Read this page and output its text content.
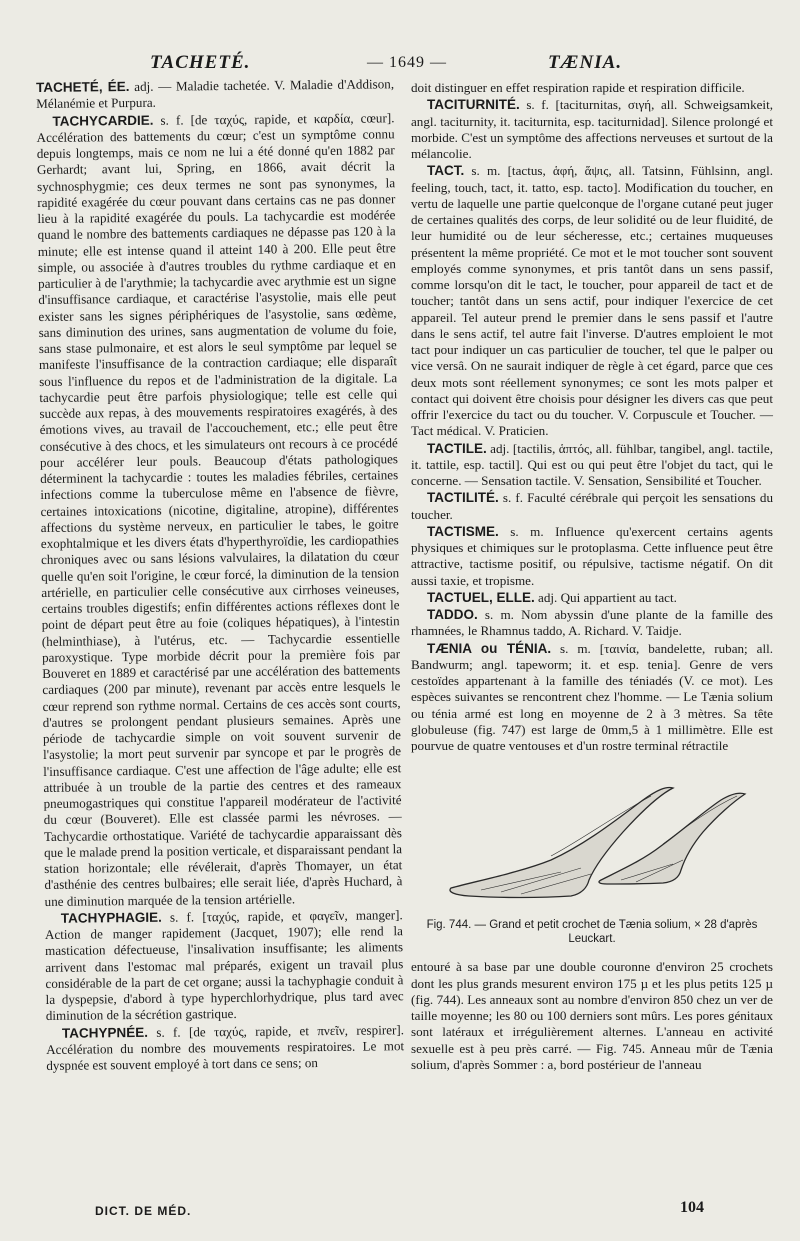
TACHETÉ.	— 1649 —	TÆNIA.

TACHETÉ, ÉE. adj. — Maladie tachetée. V. Maladie d'Addison, Mélanémie et Purpura.

TACHYCARDIE. s. f. [de ταχύς, rapide, et καρδία, cœur]. Accélération des battements du cœur; c'est un symptôme connu depuis longtemps, mais ce nom ne lui a été donné qu'en 1882 par Gerhardt; avant lui, Spring, en 1866, avait décrit la sychnosphygmie; ces deux termes ne sont pas synonymes, la rapidité exagérée du cœur pouvant dans certains cas ne pas donner lieu à la rapidité exagérée du pouls. La tachycardie est modérée quand le nombre des battements cardiaques ne dépasse pas 120 à la minute; elle est intense quand il atteint 140 à 200. Elle peut être simple, ou associée à d'autres troubles du rythme cardiaque et en particulier à de l'arythmie; la tachycardie avec arythmie est un signe d'insuffisance cardiaque, et caractérise l'asystolie, mais elle peut exister sans les signes périphériques de l'asystolie, sans œdème, sans diminution des urines, sans augmentation de volume du foie, sans stase pulmonaire, et est alors le seul symptôme par lequel se manifeste l'insuffisance de la contraction cardiaque; elle disparaît sous l'influence du repos et de l'administration de la digitale. La tachycardie peut être parfois physiologique; telle est celle qui succède aux repas, à des mouvements respiratoires exagérés, à des émotions vives, au travail de l'accouchement, etc.; elle peut être consécutive à des chocs, et les simulateurs ont recours à ce procédé pour accélérer leur pouls. Beaucoup d'états pathologiques déterminent la tachycardie : toutes les maladies fébriles, certaines infections comme la tuberculose même en l'absence de fièvre, certaines intoxications (nicotine, digitaline, atropine), différentes affections du système nerveux, en particulier le tabes, le goitre exophtalmique et les divers états d'hyperthyroïdie, les cardiopathies chroniques avec ou sans lésions valvulaires, la dilatation du cœur quelle qu'en soit l'origine, le cœur forcé, la diminution de la tension artérielle, en particulier celle consécutive aux cirrhoses veineuses, certains troubles digestifs; enfin différentes actions réflexes dont le point de départ peut être au foie (coliques hépatiques), à l'intestin (helminthiase), à l'utérus, etc. — Tachycardie essentielle paroxystique. Type morbide décrit pour la première fois par Bouveret en 1889 et caractérisé par une accélération des battements cardiaques (200 par minute), revenant par accès entre lesquels le cœur reprend son rythme normal. Certains de ces accès sont courts, d'autres se prolongent pendant plusieurs semaines. Après une période de tachycardie simple on voit souvent survenir de l'asystolie; la mort peut survenir par syncope et par le progrès de l'insuffisance cardiaque. C'est une affection de l'âge adulte; elle est attribuée à un trouble de la partie des centres et des rameaux pneumogastriques qui constitue l'appareil modérateur de l'activité du cœur (Bouveret). Elle est classée parmi les névroses. — Tachycardie orthostatique. Variété de tachycardie apparaissant dès que le malade prend la position verticale, et disparaissant pendant la station horizontale; elle révélerait, d'après Thomayer, un état d'asthénie des centres bulbaires; elle serait liée, d'après Huchard, à une diminution marquée de la tension artérielle.

TACHYPHAGIE. s. f. [ταχύς, rapide, et φαγεῖν, manger]. Action de manger rapidement (Jacquet, 1907); elle rend la mastication défectueuse, l'insalivation insuffisante; les aliments arrivent dans l'estomac mal préparés, exigent un travail plus considérable de la part de cet organe; aussi la tachyphagie conduit à la dyspepsie, d'abord à type hyperchlorhydrique, plus tard avec diminution de la sécrétion gastrique.

TACHYPNÉE. s. f. [de ταχύς, rapide, et πνεῖν, respirer]. Accélération du nombre des mouvements respiratoires. Le mot dyspnée est souvent employé à tort dans ce sens; on

doit distinguer en effet respiration rapide et respiration difficile.

TACITURNITÉ. s. f. [taciturnitas, σιγή, all. Schweigsamkeit, angl. taciturnity, it. taciturnita, esp. taciturnidad]. Silence prolongé et morbide. C'est un symptôme des affections nerveuses et surtout de la mélancolie.

TACT. s. m. [tactus, ἁφή, ἅψις, all. Tatsinn, Fühlsinn, angl. feeling, touch, tact, it. tatto, esp. tacto]. Modification du toucher, en vertu de laquelle une partie quelconque de l'organe cutané peut juger de certaines qualités des corps, de leur solidité ou de leur fluidité, de leur humidité ou de leur sécheresse, etc.; certaines muqueuses présentent la même propriété. Ce mot et le mot toucher sont souvent employés comme synonymes, et pris tantôt dans un sens passif, comme lorsqu'on dit le tact, le toucher, pour appareil de tact et de toucher; tantôt dans un sens actif, pour indiquer l'exercice de cet appareil. Tel auteur prend le premier dans le sens passif et l'autre dans le sens actif, tel autre fait l'inverse. D'autres emploient le mot tact pour indiquer un cas particulier de toucher, tel que le palper ou vice versâ. On ne saurait indiquer de règle à cet égard, parce que ces deux mots sont réellement synonymes; ce sont les mots palper et contact qui doivent être choisis pour désigner les divers cas que peut offrir l'exercice du tact ou du toucher. V. Corpuscule et Toucher. — Tact médical. V. Praticien.

TACTILE. adj. [tactilis, ἁπτός, all. fühlbar, tangibel, angl. tactile, it. tattile, esp. tactil]. Qui est ou qui peut être l'objet du tact, qui le concerne. — Sensation tactile. V. Sensation, Sensibilité et Toucher.

TACTILITÉ. s. f. Faculté cérébrale qui perçoit les sensations du toucher.

TACTISME. s. m. Influence qu'exercent certains agents physiques et chimiques sur le protoplasma. Cette influence peut être attractive, tactisme positif, ou répulsive, tactisme négatif. On dit aussi taxie, et tropisme.

TACTUEL, ELLE. adj. Qui appartient au tact.

TADDO. s. m. Nom abyssin d'une plante de la famille des rhamnées, le Rhamnus taddo, A. Richard. V. Taidje.

TÆNIA ou TÉNIA. s. m. [ταινία, bandelette, ruban; all. Bandwurm; angl. tapeworm; it. et esp. tenia]. Genre de vers cestoïdes appartenant à la famille des téniadés (V. ce mot). Les espèces suivantes se rencontrent chez l'homme. — Le Tænia solium ou ténia armé est long en moyenne de 2 à 3 mètres. Sa tête globuleuse (fig. 747) est large de 0mm,5 à 1 millimètre. Elle est pourvue de quatre ventouses et d'un rostre terminal rétractile

Fig. 744. — Grand et petit crochet de Tænia solium, × 28 d'après Leuckart.

entouré à sa base par une double couronne d'environ 25 crochets dont les plus grands mesurent environ 175 µ et les plus petits 125 µ (fig. 744). Les anneaux sont au nombre d'environ 850 chez un ver de taille moyenne; les 80 ou 100 derniers sont mûrs. Les pores génitaux sont latéraux et irrégulièrement alternes. L'anneau en activité sexuelle est à peu près carré. — Fig. 745. Anneau mûr de Tænia solium, d'après Sommer : a, bord postérieur de l'anneau

DICT. DE MÉD.	104
